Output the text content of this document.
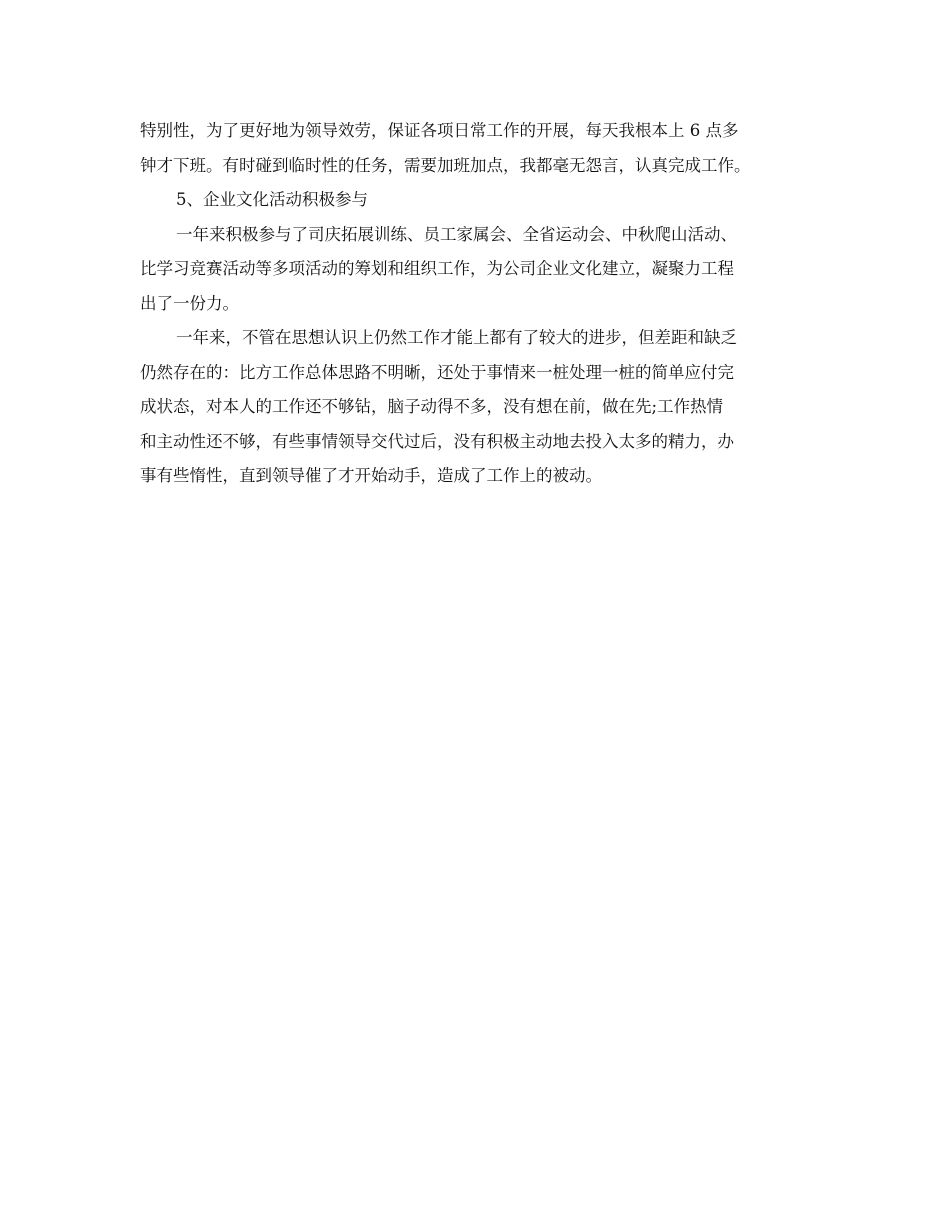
特别性，为了更好地为领导效劳，保证各项日常工作的开展，每天我根本上 6 点多
钟才下班。有时碰到临时性的任务，需要加班加点，我都毫无怨言，认真完成工作。
5、企业文化活动积极参与
一年来积极参与了司庆拓展训练、员工家属会、全省运动会、中秋爬山活动、
比学习竞赛活动等多项活动的筹划和组织工作，为公司企业文化建立，凝聚力工程
出了一份力。
一年来，不管在思想认识上仍然工作才能上都有了较大的进步，但差距和缺乏
仍然存在的：比方工作总体思路不明晰，还处于事情来一桩处理一桩的简单应付完
成状态，对本人的工作还不够钻，脑子动得不多，没有想在前，做在先;工作热情
和主动性还不够，有些事情领导交代过后，没有积极主动地去投入太多的精力，办
事有些惰性，直到领导催了才开始动手，造成了工作上的被动。
